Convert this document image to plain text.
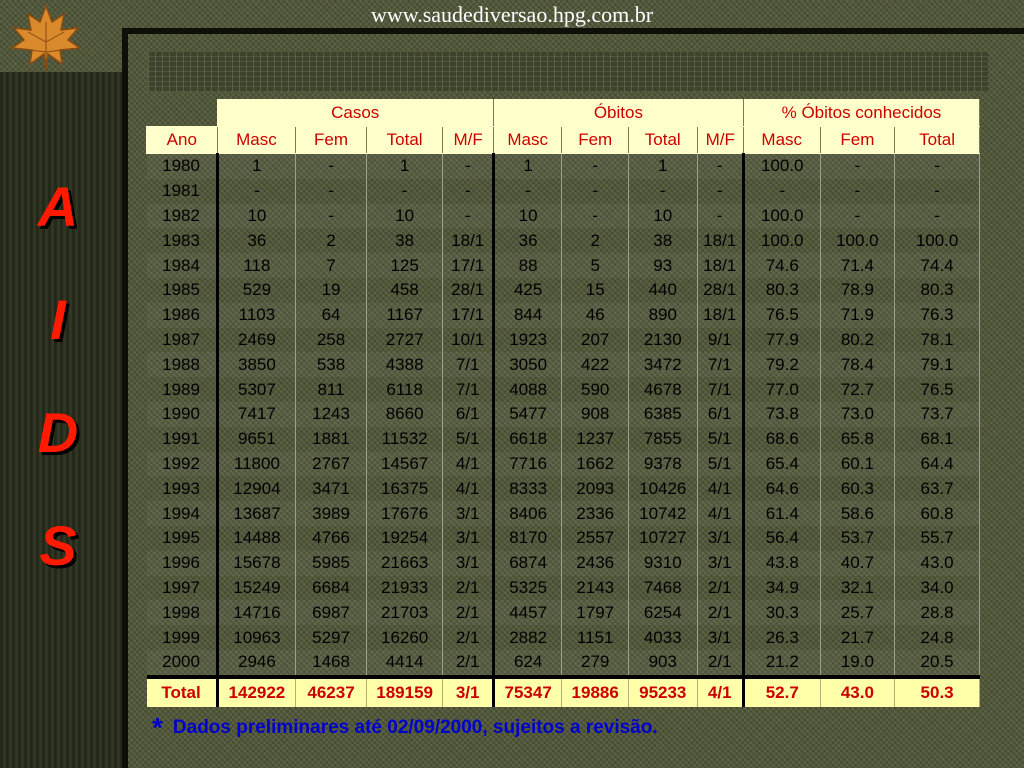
www.saudediversao.hpg.com.br
A
I
D
S
	Casos				Óbitos				% Óbitos conhecidos		
Ano	Masc	Fem	Total	M/F	Masc	Fem	Total	M/F	Masc	Fem	Total
1980	1	-	1	-	1	-	1	-	100.0	-	-
1981	-	-	-	-	-	-	-	-	-	-	-
1982	10	-	10	-	10	-	10	-	100.0	-	-
1983	36	2	38	18/1	36	2	38	18/1	100.0	100.0	100.0
1984	118	7	125	17/1	88	5	93	18/1	74.6	71.4	74.4
1985	529	19	458	28/1	425	15	440	28/1	80.3	78.9	80.3
1986	1103	64	1167	17/1	844	46	890	18/1	76.5	71.9	76.3
1987	2469	258	2727	10/1	1923	207	2130	9/1	77.9	80.2	78.1
1988	3850	538	4388	7/1	3050	422	3472	7/1	79.2	78.4	79.1
1989	5307	811	6118	7/1	4088	590	4678	7/1	77.0	72.7	76.5
1990	7417	1243	8660	6/1	5477	908	6385	6/1	73.8	73.0	73.7
1991	9651	1881	11532	5/1	6618	1237	7855	5/1	68.6	65.8	68.1
1992	11800	2767	14567	4/1	7716	1662	9378	5/1	65.4	60.1	64.4
1993	12904	3471	16375	4/1	8333	2093	10426	4/1	64.6	60.3	63.7
1994	13687	3989	17676	3/1	8406	2336	10742	4/1	61.4	58.6	60.8
1995	14488	4766	19254	3/1	8170	2557	10727	3/1	56.4	53.7	55.7
1996	15678	5985	21663	3/1	6874	2436	9310	3/1	43.8	40.7	43.0
1997	15249	6684	21933	2/1	5325	2143	7468	2/1	34.9	32.1	34.0
1998	14716	6987	21703	2/1	4457	1797	6254	2/1	30.3	25.7	28.8
1999	10963	5297	16260	2/1	2882	1151	4033	3/1	26.3	21.7	24.8
2000	2946	1468	4414	2/1	624	279	903	2/1	21.2	19.0	20.5
Total	142922	46237	189159	3/1	75347	19886	95233	4/1	52.7	43.0	50.3
* Dados preliminares até 02/09/2000, sujeitos a revisão.
